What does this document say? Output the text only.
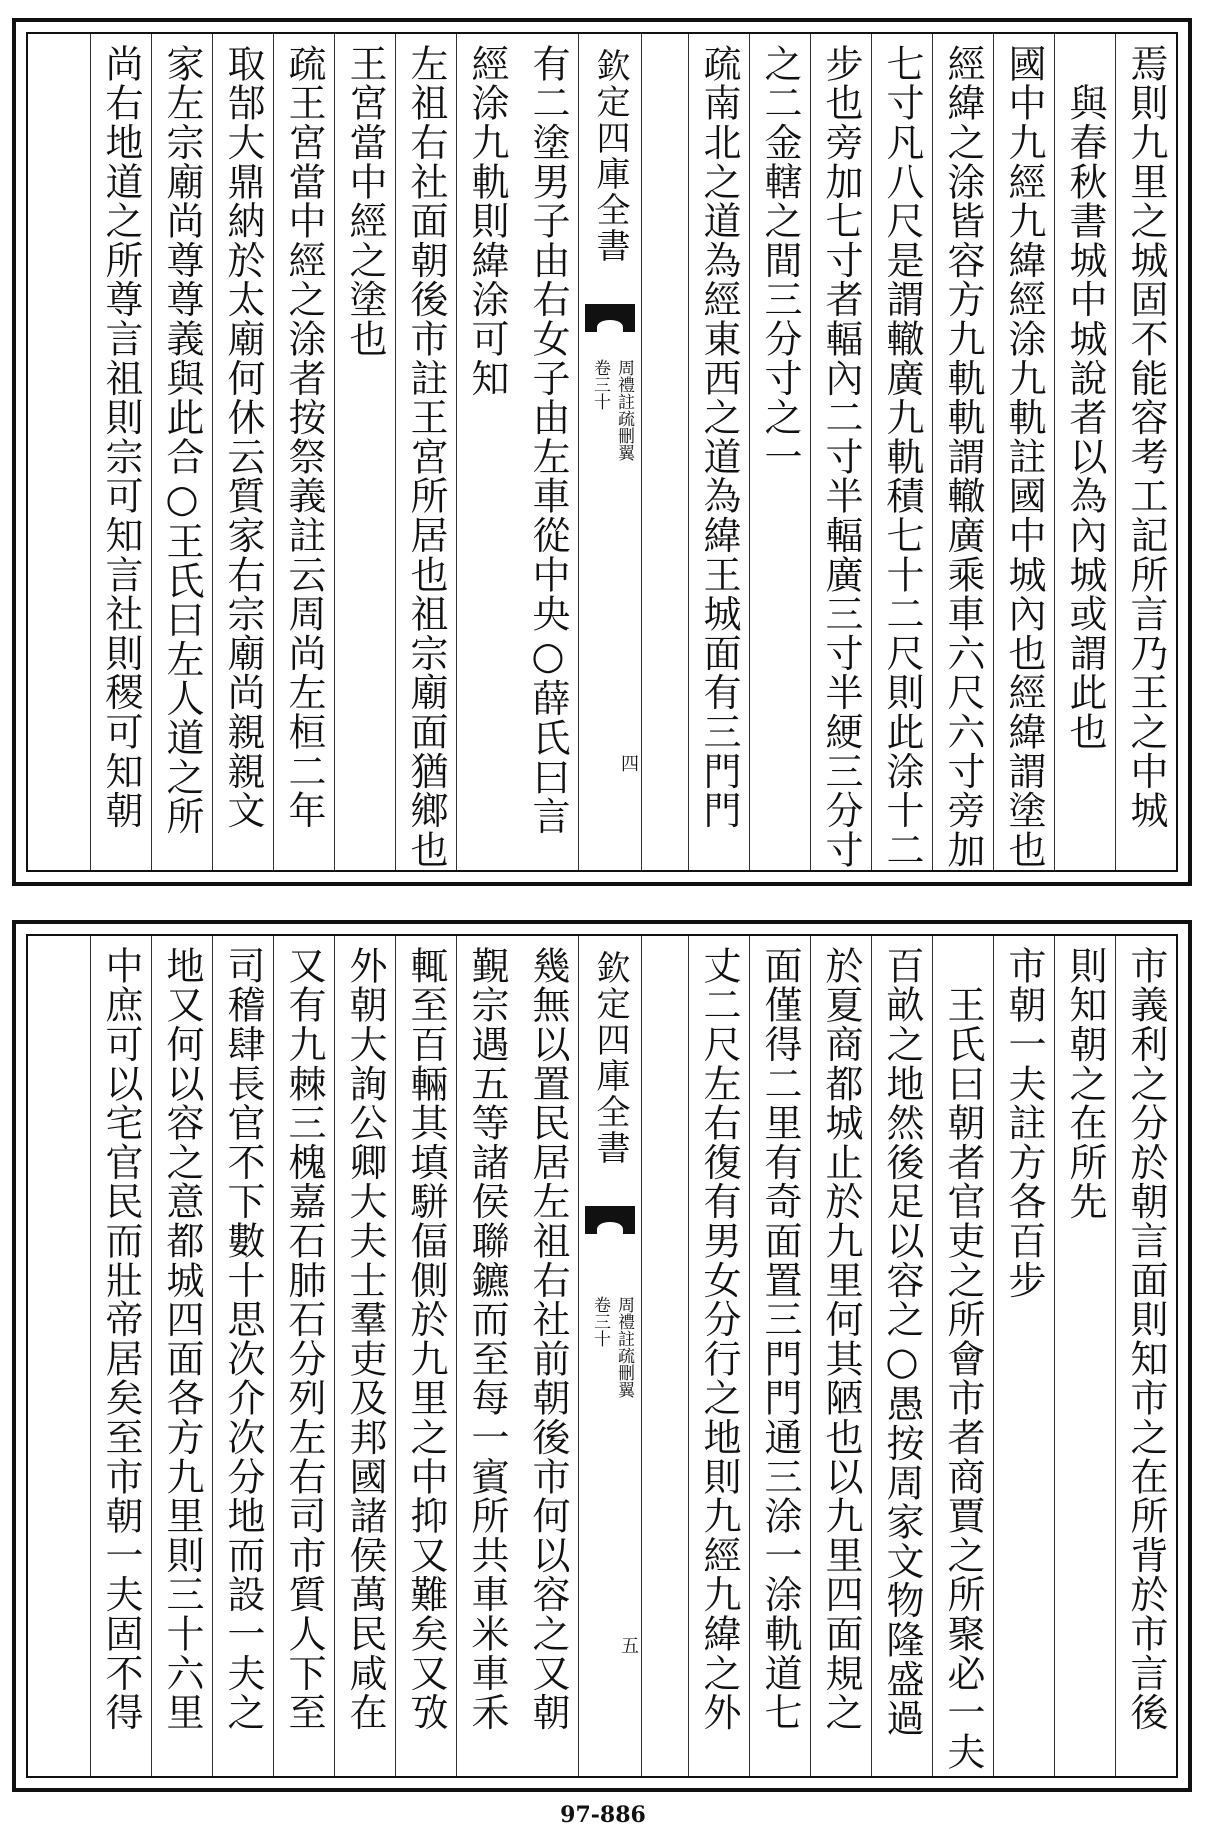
焉則九里之城固不能容考工記所言乃王之中城
　與春秋書城中城說者以為內城或謂此也
國中九經九緯經涂九軌註國中城內也經緯謂塗也
經緯之涂皆容方九軌軌謂轍廣乘車六尺六寸旁加
七寸凡八尺是謂轍廣九軌積七十二尺則此涂十二
步也旁加七寸者輻內二寸半輻廣三寸半綆三分寸
之二金轄之間三分寸之一
疏南北之道為經東西之道為緯王城面有三門門
欽定四庫全書
周禮註疏刪翼
卷三十
四
有二塗男子由右女子由左車從中央○薛氏曰言
經涂九軌則緯涂可知
左祖右社面朝後市註王宮所居也祖宗廟面猶鄉也
王宮當中經之塗也
疏王宮當中經之涂者按祭義註云周尚左桓二年
取郜大鼎納於太廟何休云質家右宗廟尚親親文
家左宗廟尚尊尊義與此合○王氏曰左人道之所
尚右地道之所尊言祖則宗可知言社則稷可知朝
市義利之分於朝言面則知市之在所背於市言後
則知朝之在所先
市朝一夫註方各百步
　王氏曰朝者官吏之所會市者商賈之所聚必一夫
百畝之地然後足以容之○愚按周家文物隆盛過
於夏商都城止於九里何其陋也以九里四面規之
面僅得二里有奇面置三門門通三涂一涂軌道七
丈二尺左右復有男女分行之地則九經九緯之外
欽定四庫全書
周禮註疏刪翼
卷三十
五
幾無以置民居左祖右社前朝後市何以容之又朝
覲宗遇五等諸侯聯鑣而至每一賓所共車米車禾
輒至百輛其填駢偪側於九里之中抑又難矣又攷
外朝大詢公卿大夫士羣吏及邦國諸侯萬民咸在
又有九棘三槐嘉石肺石分列左右司市質人下至
司稽肆長官不下數十思次介次分地而設一夫之
地又何以容之意都城四面各方九里則三十六里
中庶可以宅官民而壯帝居矣至市朝一夫固不得
97-886
